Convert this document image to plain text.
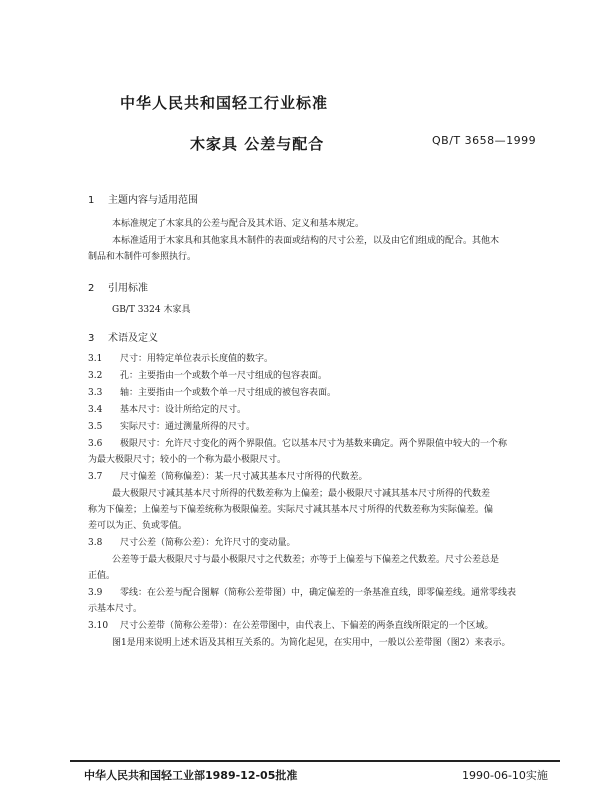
中华人民共和国轻工行业标准
木家具 公差与配合	QB/T 3658—1999
1 主题内容与适用范围
本标准规定了木家具的公差与配合及其术语、定义和基本规定。
本标准适用于木家具和其他家具木制件的表面或结构的尺寸公差，以及由它们组成的配合。其他木
制品和木制件可参照执行。
2 引用标准
GB/T 3324 木家具
3 术语及定义
3.1 尺寸：用特定单位表示长度值的数字。
3.2 孔：主要指由一个或数个单一尺寸组成的包容表面。
3.3 轴：主要指由一个或数个单一尺寸组成的被包容表面。
3.4 基本尺寸：设计所给定的尺寸。
3.5 实际尺寸：通过测量所得的尺寸。
3.6 极限尺寸：允许尺寸变化的两个界限值。它以基本尺寸为基数来确定。两个界限值中较大的一个称
为最大极限尺寸；较小的一个称为最小极限尺寸。
3.7 尺寸偏差（简称偏差）：某一尺寸减其基本尺寸所得的代数差。
最大极限尺寸减其基本尺寸所得的代数差称为上偏差；最小极限尺寸减其基本尺寸所得的代数差
称为下偏差；上偏差与下偏差统称为极限偏差。实际尺寸减其基本尺寸所得的代数差称为实际偏差。偏
差可以为正、负或零值。
3.8 尺寸公差（简称公差）：允许尺寸的变动量。
公差等于最大极限尺寸与最小极限尺寸之代数差；亦等于上偏差与下偏差之代数差。尺寸公差总是
正值。
3.9 零线：在公差与配合图解（简称公差带图）中，确定偏差的一条基准直线，即零偏差线。通常零线表
示基本尺寸。
3.10 尺寸公差带（简称公差带）：在公差带图中，由代表上、下偏差的两条直线所限定的一个区域。
图1是用来说明上述术语及其相互关系的。为简化起见，在实用中，一般以公差带图（图2）来表示。
中华人民共和国轻工业部1989-12-05批准	1990-06-10实施
